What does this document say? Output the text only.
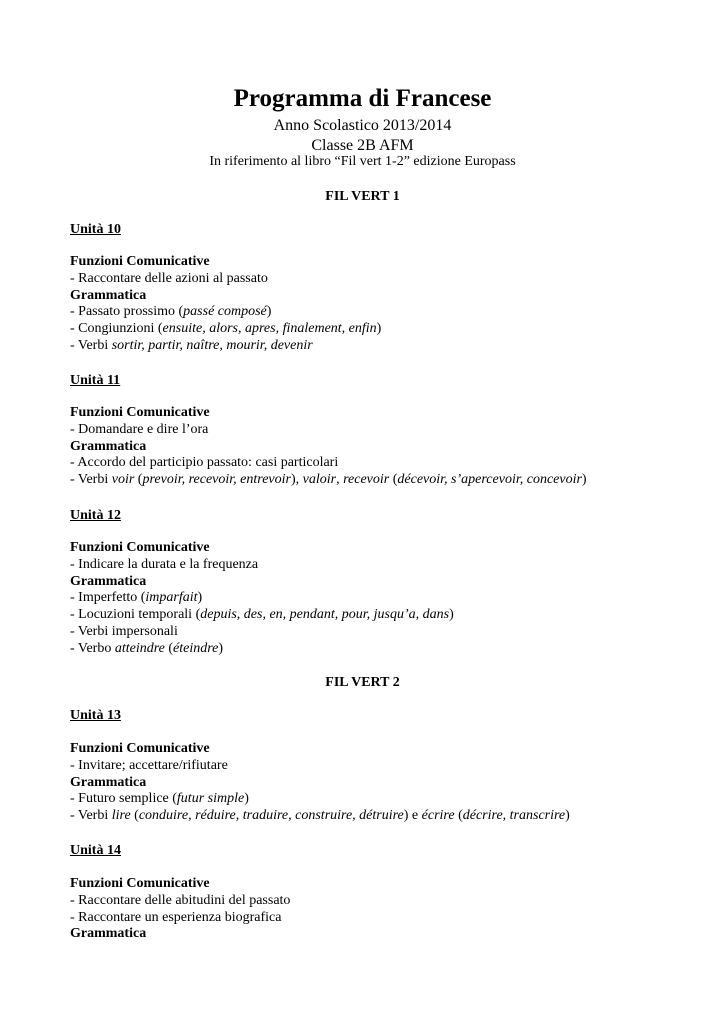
Programma di Francese
Anno Scolastico 2013/2014
Classe 2B AFM
In riferimento al libro “Fil vert 1-2” edizione Europass
FIL VERT 1
Unità 10
Funzioni Comunicative
- Raccontare delle azioni al passato
Grammatica
- Passato prossimo (passé composé)
- Congiunzioni (ensuite, alors, apres, finalement, enfin)
- Verbi sortir, partir, naître, mourir, devenir
Unità 11
Funzioni Comunicative
- Domandare e dire l’ora
Grammatica
- Accordo del participio passato: casi particolari
- Verbi voir (prevoir, recevoir, entrevoir), valoir, recevoir (décevoir, s’apercevoir, concevoir)
Unità 12
Funzioni Comunicative
- Indicare la durata e la frequenza
Grammatica
- Imperfetto (imparfait)
- Locuzioni temporali (depuis, des, en, pendant, pour, jusqu’a, dans)
- Verbi impersonali
- Verbo atteindre (éteindre)
FIL VERT 2
Unità 13
Funzioni Comunicative
- Invitare; accettare/rifiutare
Grammatica
- Futuro semplice (futur simple)
- Verbi lire (conduire, réduire, traduire, construire, détruire) e écrire (décrire, transcrire)
Unità 14
Funzioni Comunicative
- Raccontare delle abitudini del passato
- Raccontare un esperienza biografica
Grammatica
